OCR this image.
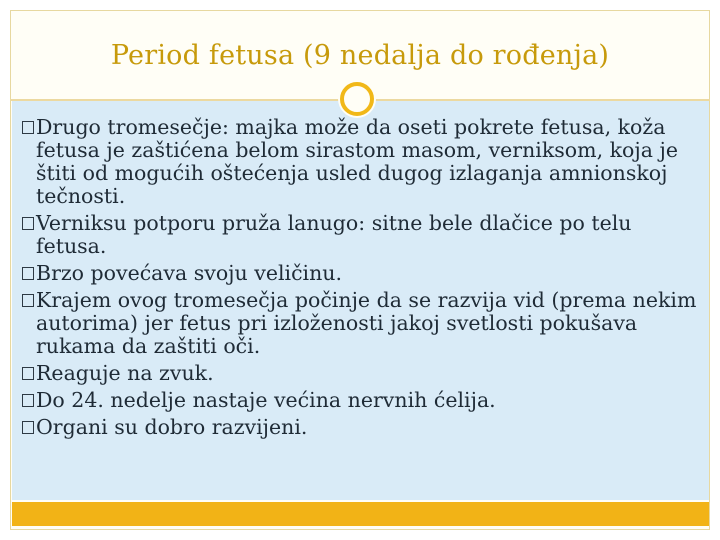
Period fetusa (9 nedalja do rođenja)
Drugo tromesečje: majka može da oseti pokrete fetusa, koža fetusa je zaštićena belom sirastom masom, verniksom, koja je štiti od mogućih oštećenja usled dugog izlaganja amnionskoj tečnosti.
Verniksu potporu pruža lanugo: sitne bele dlačice po telu fetusa.
Brzo povećava svoju veličinu.
Krajem ovog tromesečja počinje da se razvija vid (prema nekim autorima) jer fetus pri izloženosti jakoj svetlosti pokušava rukama da zaštiti oči.
Reaguje na zvuk.
Do 24. nedelje nastaje većina nervnih ćelija.
Organi su dobro razvijeni.
